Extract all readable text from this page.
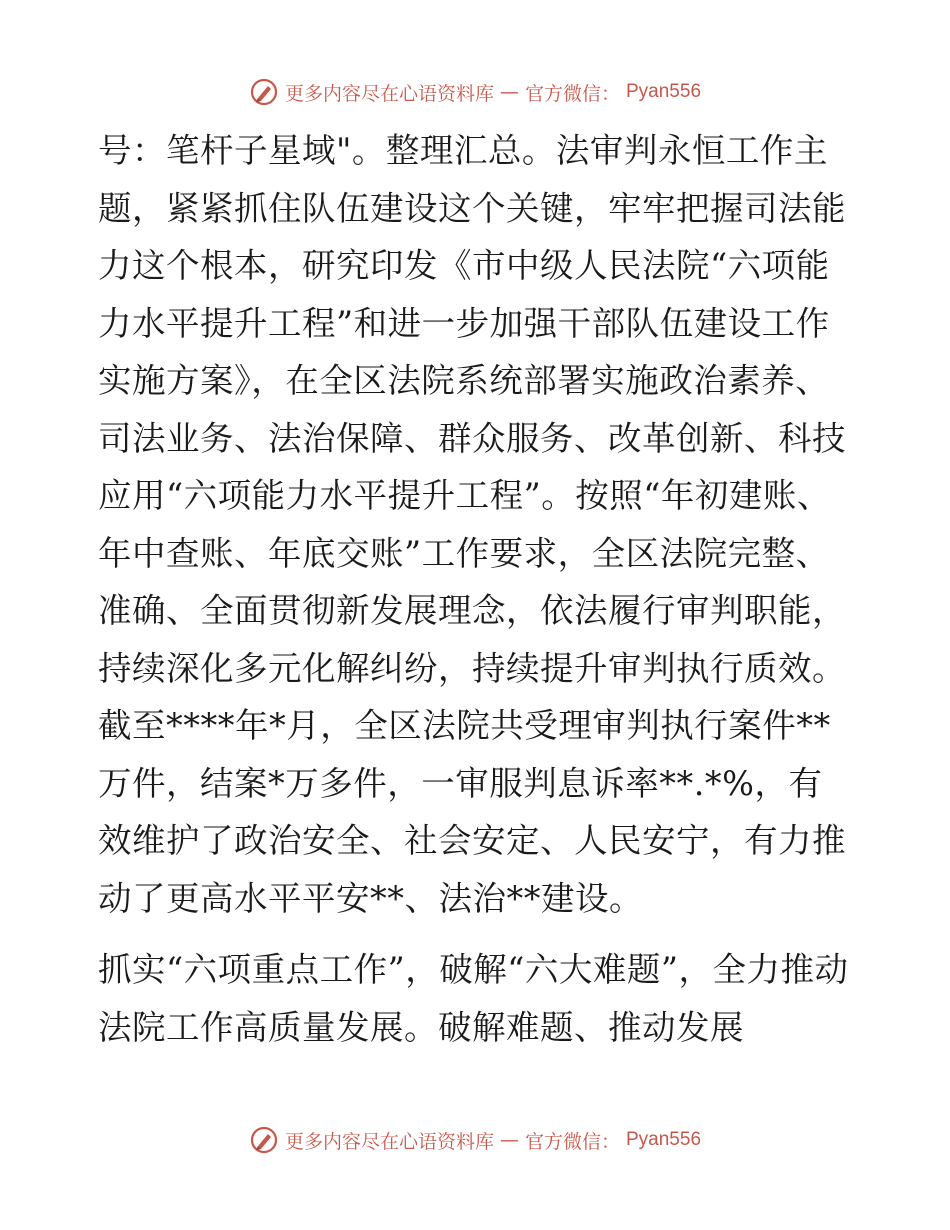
更多内容尽在心语资料库 — 官方微信： Pyan556

号：笔杆子星域"。整理汇总。法审判永恒工作主题，紧紧抓住队伍建设这个关键，牢牢把握司法能力这个根本，研究印发《市中级人民法院“六项能力水平提升工程”和进一步加强干部队伍建设工作实施方案》，在全区法院系统部署实施政治素养、司法业务、法治保障、群众服务、改革创新、科技应用“六项能力水平提升工程”。按照“年初建账、年中查账、年底交账”工作要求，全区法院完整、准确、全面贯彻新发展理念，依法履行审判职能，持续深化多元化解纠纷，持续提升审判执行质效。截至****年*月，全区法院共受理审判执行案件**万件，结案*万多件，一审服判息诉率**.*%，有效维护了政治安全、社会安定、人民安宁，有力推动了更高水平平安**、法治**建设。

抓实“六项重点工作”，破解“六大难题”，全力推动法院工作高质量发展。破解难题、推动发展

更多内容尽在心语资料库 — 官方微信： Pyan556
